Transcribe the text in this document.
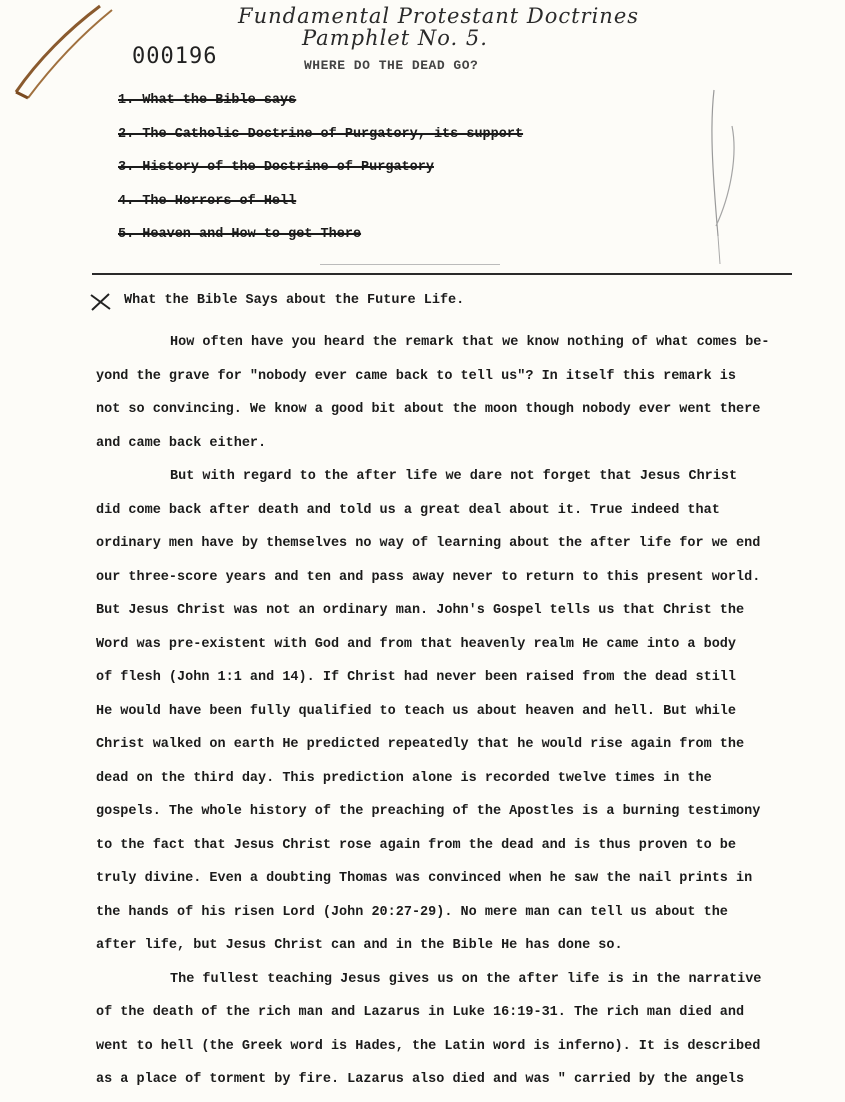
Fundamental Protestant Doctrines
Pamphlet No. 5.
000196	WHERE DO THE DEAD GO?
1. What the Bible says
2. The Catholic Doctrine of Purgatory, its support
3. History of the Doctrine of Purgatory
4. The Horrors of Hell
5. Heaven and How to get There
What the Bible Says about the Future Life.
How often have you heard the remark that we know nothing of what comes be-
yond the grave for "nobody ever came back to tell us"? In itself this remark is
not so convincing. We know a good bit about the moon though nobody ever went there
and came back either.
But with regard to the after life we dare not forget that Jesus Christ
did come back after death and told us a great deal about it. True indeed that
ordinary men have by themselves no way of learning about the after life for we end
our three-score years and ten and pass away never to return to this present world.
But Jesus Christ was not an ordinary man. John's Gospel tells us that Christ the
Word was pre-existent with God and from that heavenly realm He came into a body
of flesh (John 1:1 and 14). If Christ had never been raised from the dead still
He would have been fully qualified to teach us about heaven and hell. But while
Christ walked on earth He predicted repeatedly that he would rise again from the
dead on the third day. This prediction alone is recorded twelve times in the
gospels. The whole history of the preaching of the Apostles is a burning testimony
to the fact that Jesus Christ rose again from the dead and is thus proven to be
truly divine. Even a doubting Thomas was convinced when he saw the nail prints in
the hands of his risen Lord (John 20:27-29). No mere man can tell us about the
after life, but Jesus Christ can and in the Bible He has done so.
The fullest teaching Jesus gives us on the after life is in the narrative
of the death of the rich man and Lazarus in Luke 16:19-31. The rich man died and
went to hell (the Greek word is Hades, the Latin word is inferno). It is described
as a place of torment by fire. Lazarus also died and was " carried by the angels
